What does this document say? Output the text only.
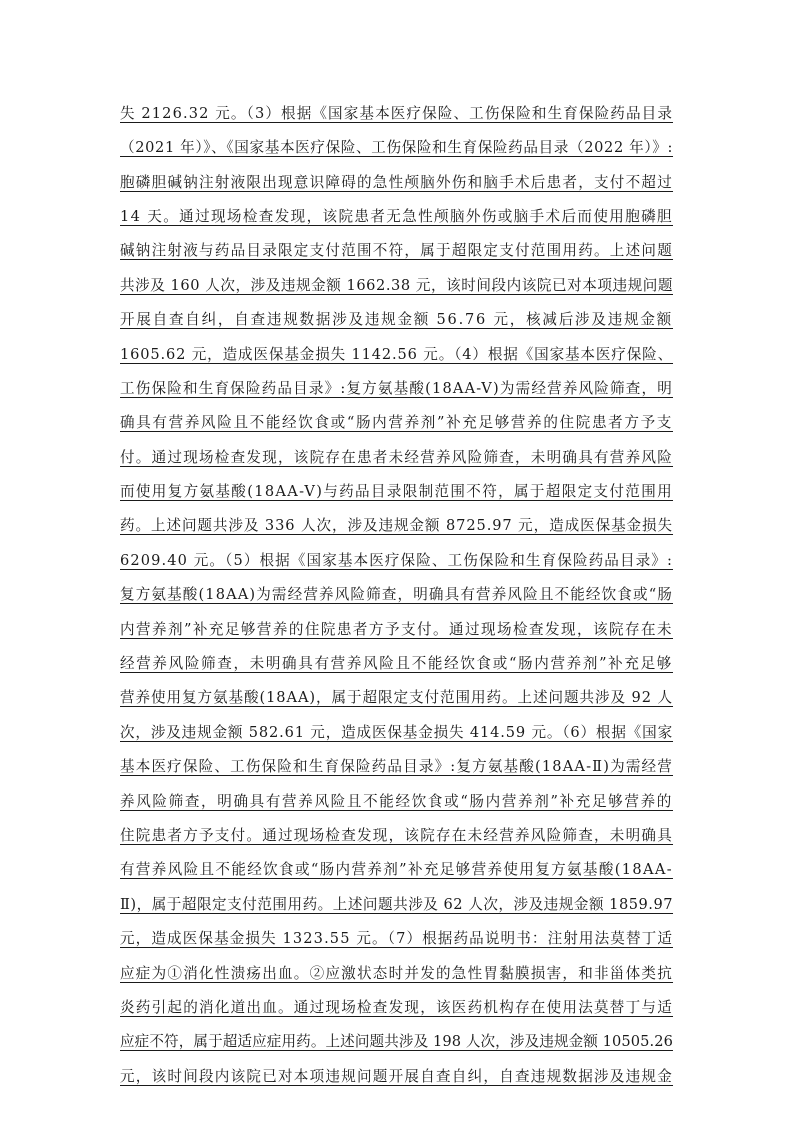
失 2126.32 元。（3）根据《国家基本医疗保险、工伤保险和生育保险药品目录
（2021 年）》、《国家基本医疗保险、工伤保险和生育保险药品目录（2022 年）》:
胞磷胆碱钠注射液限出现意识障碍的急性颅脑外伤和脑手术后患者，支付不超过
14 天。通过现场检查发现，该院患者无急性颅脑外伤或脑手术后而使用胞磷胆
碱钠注射液与药品目录限定支付范围不符，属于超限定支付范围用药。上述问题
共涉及 160 人次，涉及违规金额 1662.38 元，该时间段内该院已对本项违规问题
开展自查自纠，自查违规数据涉及违规金额 56.76 元，核减后涉及违规金额
1605.62 元，造成医保基金损失 1142.56 元。（4）根据《国家基本医疗保险、
工伤保险和生育保险药品目录》:复方氨基酸(18AA-V)为需经营养风险筛查，明
确具有营养风险且不能经饮食或“肠内营养剂”补充足够营养的住院患者方予支
付。通过现场检查发现，该院存在患者未经营养风险筛查，未明确具有营养风险
而使用复方氨基酸(18AA-V)与药品目录限制范围不符，属于超限定支付范围用
药。上述问题共涉及 336 人次，涉及违规金额 8725.97 元，造成医保基金损失
6209.40 元。（5）根据《国家基本医疗保险、工伤保险和生育保险药品目录》:
复方氨基酸(18AA)为需经营养风险筛查，明确具有营养风险且不能经饮食或“肠
内营养剂”补充足够营养的住院患者方予支付。通过现场检查发现，该院存在未
经营养风险筛查，未明确具有营养风险且不能经饮食或“肠内营养剂”补充足够
营养使用复方氨基酸(18AA)，属于超限定支付范围用药。上述问题共涉及 92 人
次，涉及违规金额 582.61 元，造成医保基金损失 414.59 元。（6）根据《国家
基本医疗保险、工伤保险和生育保险药品目录》:复方氨基酸(18AA-Ⅱ)为需经营
养风险筛查，明确具有营养风险且不能经饮食或“肠内营养剂”补充足够营养的
住院患者方予支付。通过现场检查发现，该院存在未经营养风险筛查，未明确具
有营养风险且不能经饮食或“肠内营养剂”补充足够营养使用复方氨基酸(18AA-
Ⅱ)，属于超限定支付范围用药。上述问题共涉及 62 人次，涉及违规金额 1859.97
元，造成医保基金损失 1323.55 元。（7）根据药品说明书：注射用法莫替丁适
应症为①消化性溃疡出血。②应激状态时并发的急性胃黏膜损害，和非甾体类抗
炎药引起的消化道出血。通过现场检查发现，该医药机构存在使用法莫替丁与适
应症不符，属于超适应症用药。上述问题共涉及 198 人次，涉及违规金额 10505.26
元，该时间段内该院已对本项违规问题开展自查自纠，自查违规数据涉及违规金
